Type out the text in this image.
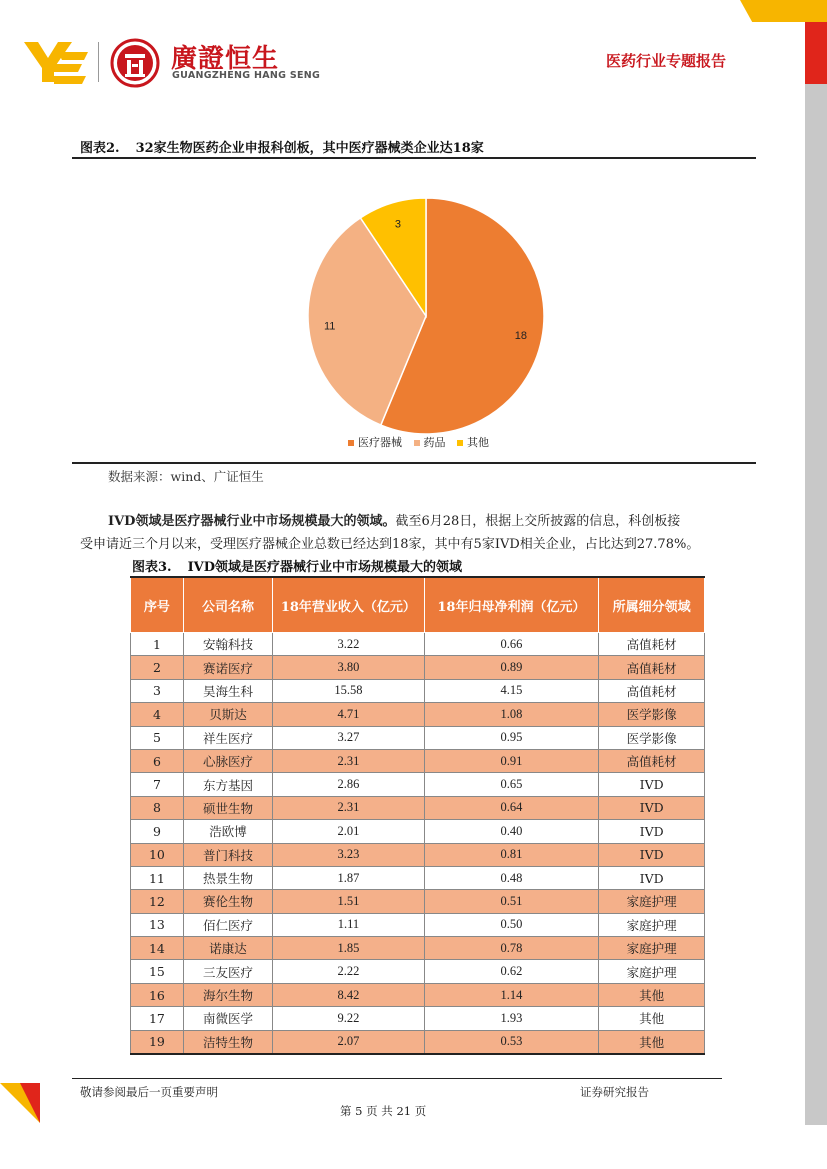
廣證恒生
GUANGZHENG HANG SENG
医药行业专题报告
图表2. 32家生物医药企业申报科创板，其中医疗器械类企业达18家
18
11
3
医疗器械 药品 其他
数据来源：wind、广证恒生
IVD领域是医疗器械行业中市场规模最大的领域。截至6月28日，根据上交所披露的信息，科创板接
受申请近三个月以来，受理医疗器械企业总数已经达到18家，其中有5家IVD相关企业，占比达到27.78%。
图表3. IVD领域是医疗器械行业中市场规模最大的领域
序号	公司名称	18年营业收入（亿元）	18年归母净利润（亿元）	所属细分领域
1	安翰科技	3.22	0.66	高值耗材
2	赛诺医疗	3.80	0.89	高值耗材
3	昊海生科	15.58	4.15	高值耗材
4	贝斯达	4.71	1.08	医学影像
5	祥生医疗	3.27	0.95	医学影像
6	心脉医疗	2.31	0.91	高值耗材
7	东方基因	2.86	0.65	IVD
8	硕世生物	2.31	0.64	IVD
9	浩欧博	2.01	0.40	IVD
10	普门科技	3.23	0.81	IVD
11	热景生物	1.87	0.48	IVD
12	赛伦生物	1.51	0.51	家庭护理
13	佰仁医疗	1.11	0.50	家庭护理
14	诺康达	1.85	0.78	家庭护理
15	三友医疗	2.22	0.62	家庭护理
16	海尔生物	8.42	1.14	其他
17	南微医学	9.22	1.93	其他
19	洁特生物	2.07	0.53	其他
敬请参阅最后一页重要声明	证券研究报告
第 5 页 共 21 页
